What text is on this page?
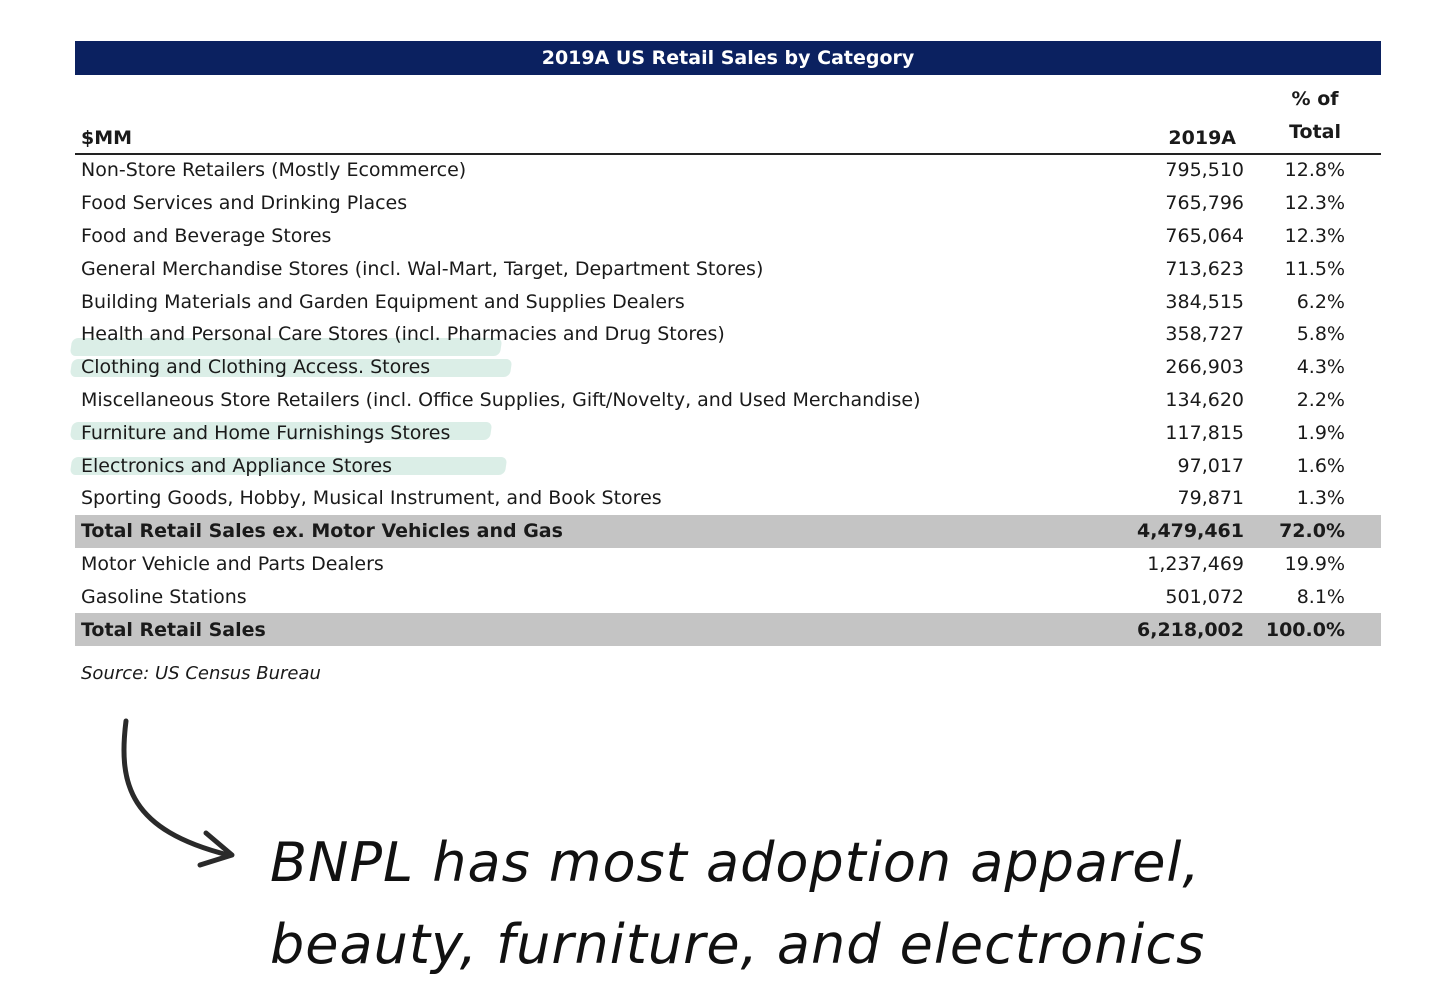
2019A US Retail Sales by Category
$MM	2019A
% of
Total
Non-Store Retailers (Mostly Ecommerce)	795,510 12.8%
Food Services and Drinking Places	765,796 12.3%
Food and Beverage Stores	765,064 12.3%
General Merchandise Stores (incl. Wal-Mart, Target, Department Stores)	713,623 11.5%
Building Materials and Garden Equipment and Supplies Dealers	384,515	6.2%
Health and Personal Care Stores (incl. Pharmacies and Drug Stores)	358,727	5.8%
Clothing and Clothing Access. Stores	266,903	4.3%
Miscellaneous Store Retailers (incl. Office Supplies, Gift/Novelty, and Used Merchandise)	134,620	2.2%
Furniture and Home Furnishings Stores	117,815	1.9%
Electronics and Appliance Stores	97,017	1.6%
Sporting Goods, Hobby, Musical Instrument, and Book Stores	79,871	1.3%
Total Retail Sales ex. Motor Vehicles and Gas	4,479,461 72.0%
Motor Vehicle and Parts Dealers	1,237,469 19.9%
Gasoline Stations	501,072	8.1%
Total Retail Sales	6,218,002 100.0%
Source: US Census Bureau
BNPL has most adoption apparel,
beauty, furniture, and electronics
